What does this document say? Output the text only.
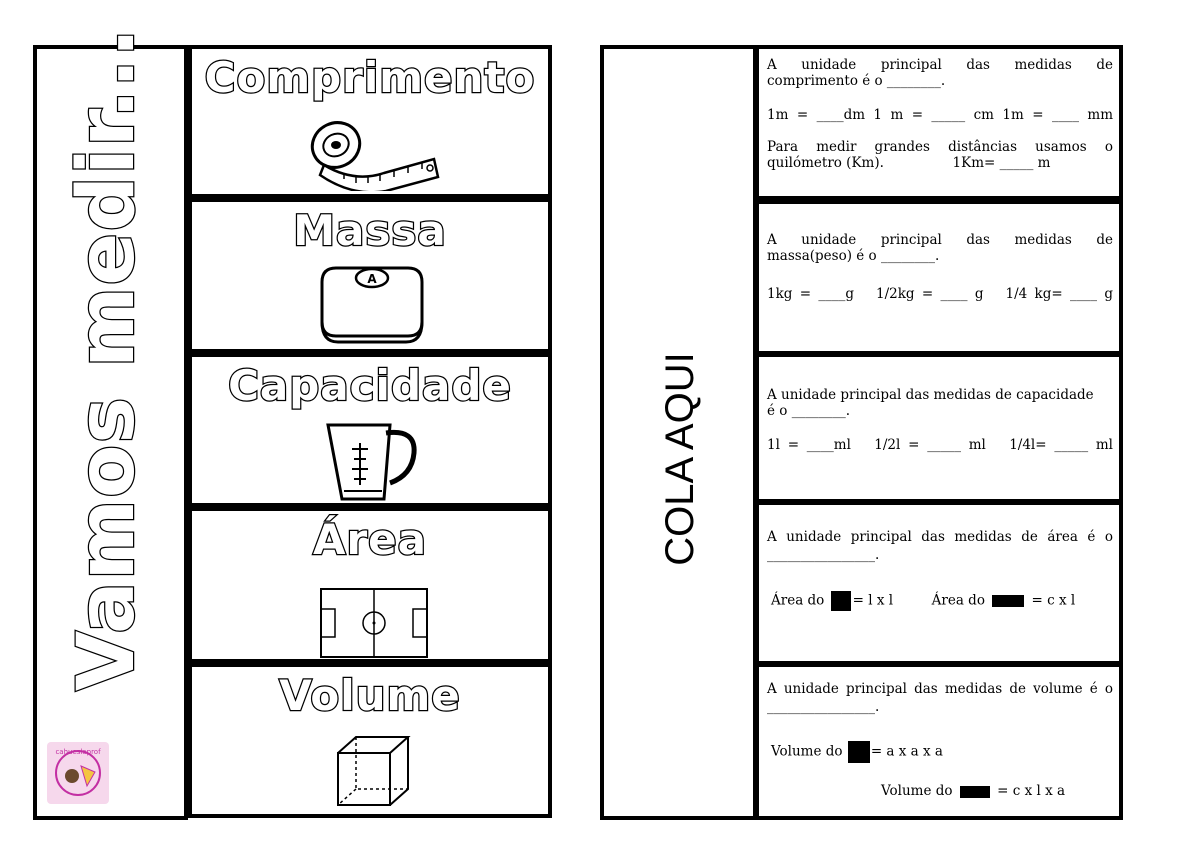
Vamos medir...
cahueslaprof
Comprimento
Massa
A
Capacidade
Área
Volume
COLA AQUI
A unidade principal das medidas de
comprimento é o ________.
1m = ____dm 1 m = _____ cm 1m = ____ mm
Para medir grandes distâncias usamos o
quilómetro (Km).                1Km= _____ m
A unidade principal das medidas de
massa(peso) é o ________.
1kg = ____g   1/2kg = ____ g   1/4 kg= ____ g
A unidade principal das medidas de capacidade
é o ________.
1l = ____ml   1/2l = _____ ml   1/4l= _____ ml
A unidade principal das medidas de área é o
________________.
Área do = l x l	Área do	= c x l
A unidade principal das medidas de volume é o
________________.
Volume do = a x a x a
Volume do	= c x l x a
